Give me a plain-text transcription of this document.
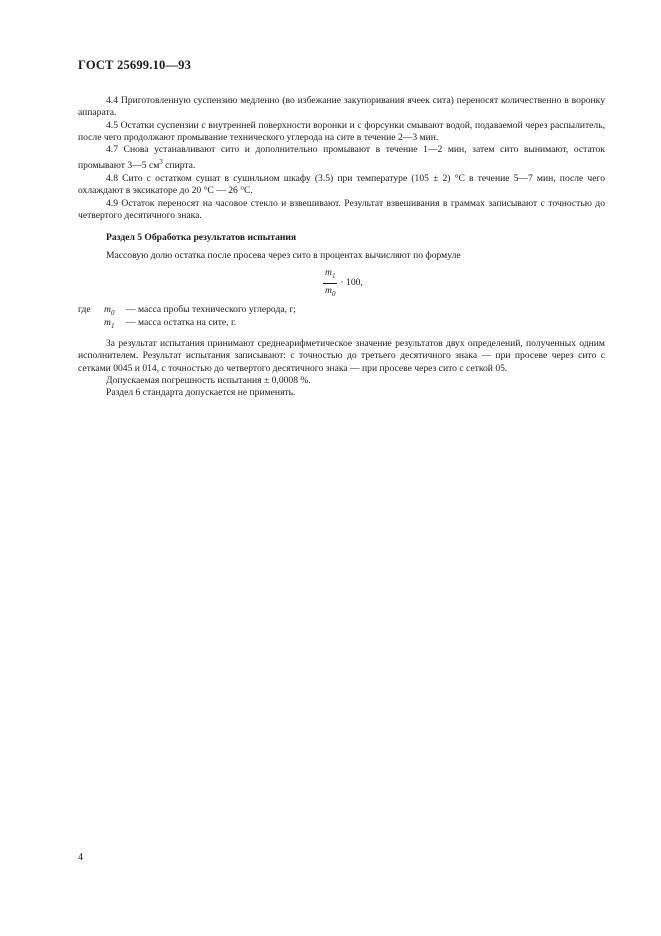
ГОСТ 25699.10—93

4.4 Приготовленную суспензию медленно (во избежание закупоривания ячеек сита) переносят количественно в воронку аппарата.

4.5 Остатки суспензии с внутренней поверхности воронки и с форсунки смывают водой, подаваемой через распылитель, после чего продолжают промывание технического углерода на сите в течение 2—3 мин.

4.7 Снова устанавливают сито и дополнительно промывают в течение 1—2 мин, затем сито вынимают, остаток промывают 3—5 $см^3$ спирта.

4.8 Сито с остатком сушат в сушильном шкафу (3.5) при температуре (105 ± 2) °С в течение 5—7 мин, после чего охлаждают в эксикаторе до 20 °С — 26 °С.

4.9 Остаток переносят на часовое стекло и взвешивают. Результат взвешивания в граммах записывают с точностью до четвертого десятичного знака.

Раздел 5 Обработка результатов испытания

Массовую долю остатка после просева через сито в процентах вычисляют по формуле

$\frac{m_1}{m_0} \cdot 100$,
где	$m_0$	— масса пробы технического углерода, г;
$m_1$	— масса остатка на сите, г.

За результат испытания принимают среднеарифметическое значение результатов двух определений, полученных одним исполнителем. Результат испытания записывают: с точностью до третьего десятичного знака — при просеве через сито с сетками 0045 и 014, с точностью до четвертого десятичного знака — при просеве через сито с сеткой 05.

Допускаемая погрешность испытания ± 0,0008 %.

Раздел 6 стандарта допускается не применять.

4
